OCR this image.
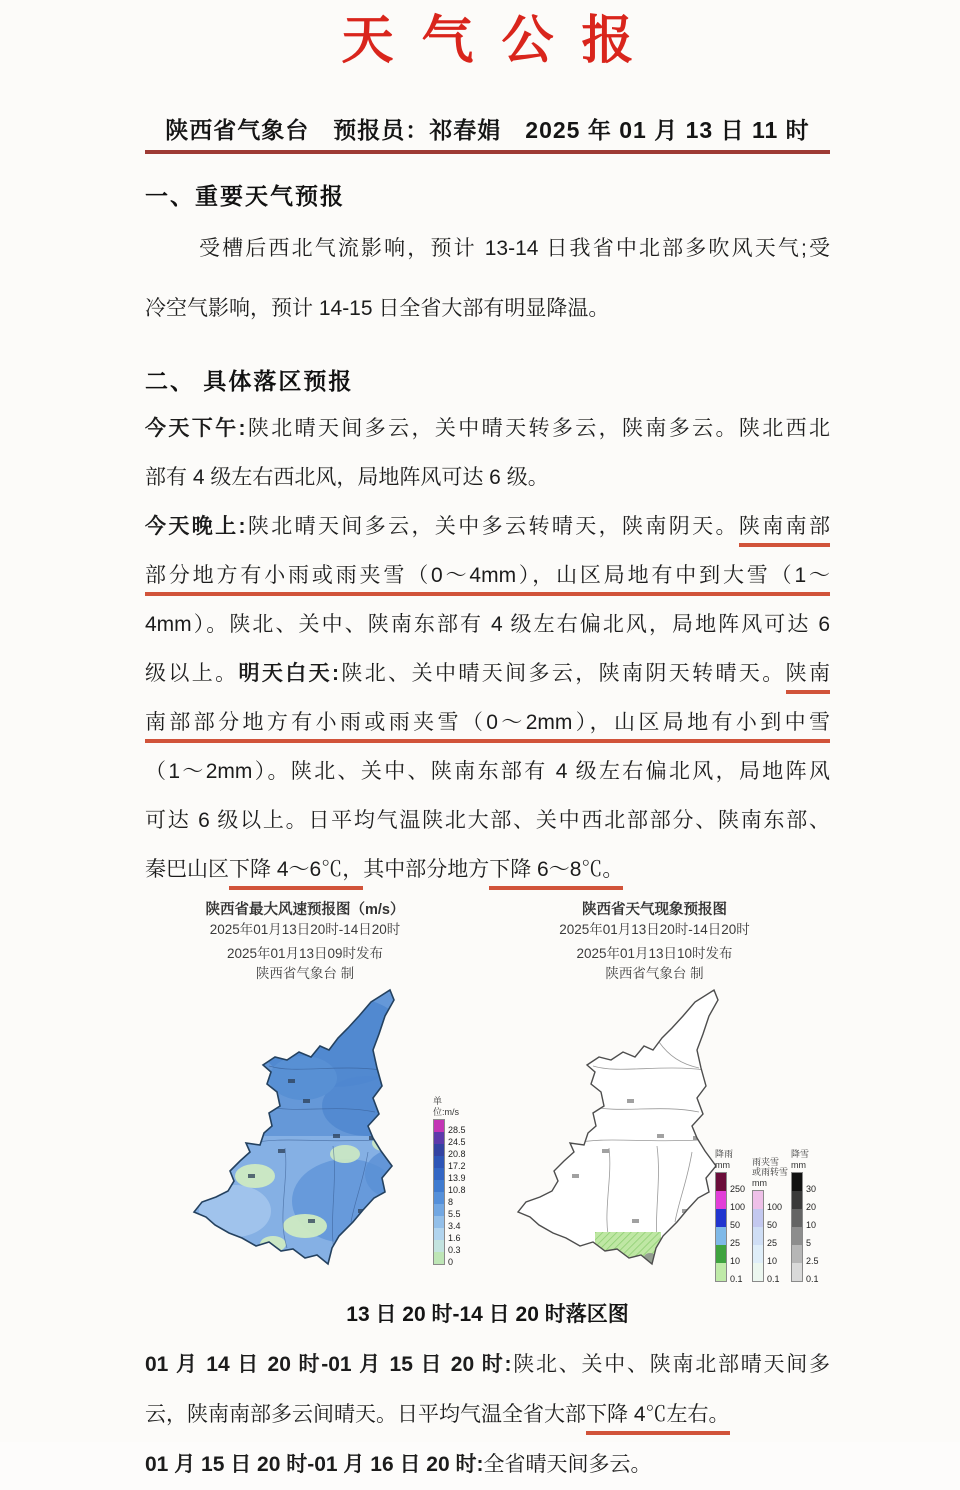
天气公报
陕西省气象台　预报员：祁春娟　2025 年 01 月 13 日 11 时
一、重要天气预报
受槽后西北气流影响，预计 13-14 日我省中北部多吹风天气;受
冷空气影响，预计 14-15 日全省大部有明显降温。
二、 具体落区预报
今天下午:陕北晴天间多云，关中晴天转多云，陕南多云。陕北西北
部有 4 级左右西北风，局地阵风可达 6 级。
今天晚上:陕北晴天间多云，关中多云转晴天，陕南阴天。陕南南部
部分地方有小雨或雨夹雪（0～4mm），山区局地有中到大雪（1～
4mm）。陕北、关中、陕南东部有 4 级左右偏北风，局地阵风可达 6
级以上。明天白天:陕北、关中晴天间多云，陕南阴天转晴天。陕南
南部部分地方有小雨或雨夹雪（0～2mm），山区局地有小到中雪
（1～2mm）。陕北、关中、陕南东部有 4 级左右偏北风，局地阵风
可达 6 级以上。日平均气温陕北大部、关中西北部部分、陕南东部、
秦巴山区下降 4～6℃，其中部分地方下降 6～8℃。
陕西省最大风速预报图（m/s）
2025年01月13日20时-14日20时
2025年01月13日09时发布
陕西省气象台 制
单位:m/s
28.5
24.5
20.8
17.2
13.9
10.8
8
5.5
3.4
1.6
0.3
0
陕西省天气现象预报图
2025年01月13日20时-14日20时
2025年01月13日10时发布
陕西省气象台 制
降雨
mm
250
100
50
25
10
0.1
雨夹雪
或雨转雪
mm
100
50
25
10
0.1
降雪
mm
30
20
10
5
2.5
0.1
13 日 20 时-14 日 20 时落区图
01 月 14 日 20 时-01 月 15 日 20 时:陕北、关中、陕南北部晴天间多
云，陕南南部多云间晴天。日平均气温全省大部下降 4℃左右。
01 月 15 日 20 时-01 月 16 日 20 时:全省晴天间多云。
